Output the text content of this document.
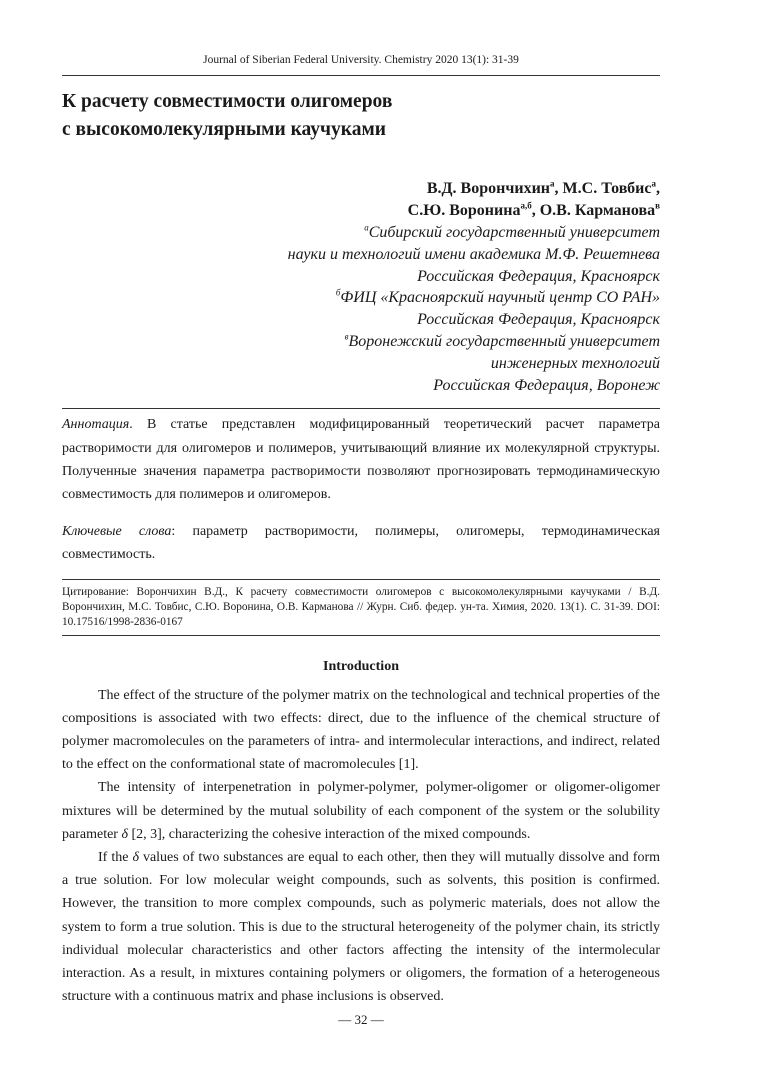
Journal of Siberian Federal University. Chemistry 2020 13(1): 31-39
К расчету совместимости олигомеров
с высокомолекулярными каучуками
В.Д. Ворончихин$^а$, М.С. Товбис$^а$,
С.Ю. Воронина$^{а,б}$, О.В. Карманова$^в$
$^а$Сибирский государственный университет
науки и технологий имени академика М.Ф. Решетнева
Российская Федерация, Красноярск
$^б$ФИЦ «Красноярский научный центр СО РАН»
Российская Федерация, Красноярск
$^в$Воронежский государственный университет
инженерных технологий
Российская Федерация, Воронеж
Аннотация. В статье представлен модифицированный теоретический расчет параметра растворимости для олигомеров и полимеров, учитывающий влияние их молекулярной структуры. Полученные значения параметра растворимости позволяют прогнозировать термодинамическую совместимость для полимеров и олигомеров.
Ключевые слова: параметр растворимости, полимеры, олигомеры, термодинамическая совместимость.
Цитирование: Ворончихин В.Д., К расчету совместимости олигомеров с высокомолекулярными каучуками / В.Д. Ворончихин, М.С. Товбис, С.Ю. Воронина, О.В. Карманова // Журн. Сиб. федер. ун-та. Химия, 2020. 13(1). С. 31-39. DOI: 10.17516/1998-2836-0167
Introduction

The effect of the structure of the polymer matrix on the technological and technical properties of the compositions is associated with two effects: direct, due to the influence of the chemical structure of polymer macromolecules on the parameters of intra- and intermolecular interactions, and indirect, related to the effect on the conformational state of macromolecules [1].

The intensity of interpenetration in polymer-polymer, polymer-oligomer or oligomer-oligomer mixtures will be determined by the mutual solubility of each component of the system or the solubility parameter δ [2, 3], characterizing the cohesive interaction of the mixed compounds.

If the δ values of two substances are equal to each other, then they will mutually dissolve and form a true solution. For low molecular weight compounds, such as solvents, this position is confirmed. However, the transition to more complex compounds, such as polymeric materials, does not allow the system to form a true solution. This is due to the structural heterogeneity of the polymer chain, its strictly individual molecular characteristics and other factors affecting the intensity of the intermolecular interaction. As a result, in mixtures containing polymers or oligomers, the formation of a heterogeneous structure with a continuous matrix and phase inclusions is observed.

— 32 —
